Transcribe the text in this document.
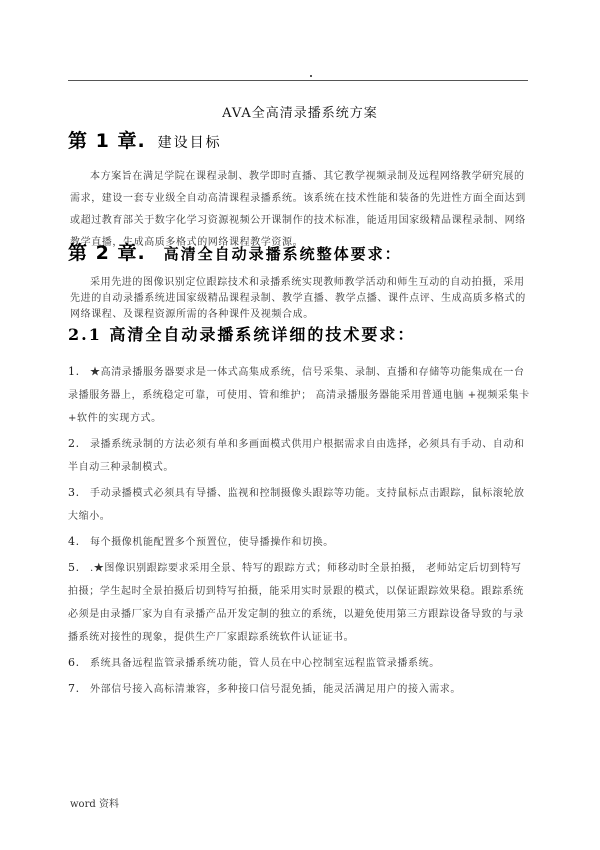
AVA全高清录播系统方案
第 1 章. 建设目标

本方案旨在满足学院在课程录制、教学即时直播、其它教学视频录制及远程网络教学研究展的需求，建设一套专业级全自动高清课程录播系统。该系统在技术性能和装备的先进性方面全面达到或超过教育部关于数字化学习资源视频公开课制作的技术标准，能适用国家级精品课程录制、网络教学直播，生成高质多格式的网络课程教学资源。

第 2 章. 高清全自动录播系统整体要求：

采用先进的图像识别定位跟踪技术和录播系统实现教师教学活动和师生互动的自动拍摄，采用先进的自动录播系统进国家级精品课程录制、教学直播、教学点播、课件点评、生成高质多格式的网络课程、及课程资源所需的各种课件及视频合成。

2.1 高清全自动录播系统详细的技术要求：
1. ★高清录播服务器要求是一体式高集成系统，信号采集、录制、直播和存储等功能集成在一台录播服务器上，系统稳定可靠，可使用、管和维护； 高清录播服务器能采用普通电脑 +视频采集卡+软件的实现方式。
2. 录播系统录制的方法必须有单和多画面模式供用户根据需求自由选择，必须具有手动、自动和半自动三种录制模式。
3. 手动录播模式必须具有导播、监视和控制摄像头跟踪等功能。支持鼠标点击跟踪，鼠标滚轮放大缩小。
4. 每个摄像机能配置多个预置位，使导播操作和切换。
5. .★图像识别跟踪要求采用全景、特写的跟踪方式；师移动时全景拍摄， 老师站定后切到特写拍摄；学生起时全景拍摄后切到特写拍摄，能采用实时景跟的模式，以保证跟踪效果稳。跟踪系统必须是由录播厂家为自有录播产品开发定制的独立的系统，以避免使用第三方跟踪设备导致的与录播系统对接性的现象，提供生产厂家跟踪系统软件认证证书。
6. 系统具备远程监管录播系统功能，管人员在中心控制室远程监管录播系统。
7. 外部信号接入高标清兼容，多种接口信号混免插，能灵活满足用户的接入需求。
word 资料
